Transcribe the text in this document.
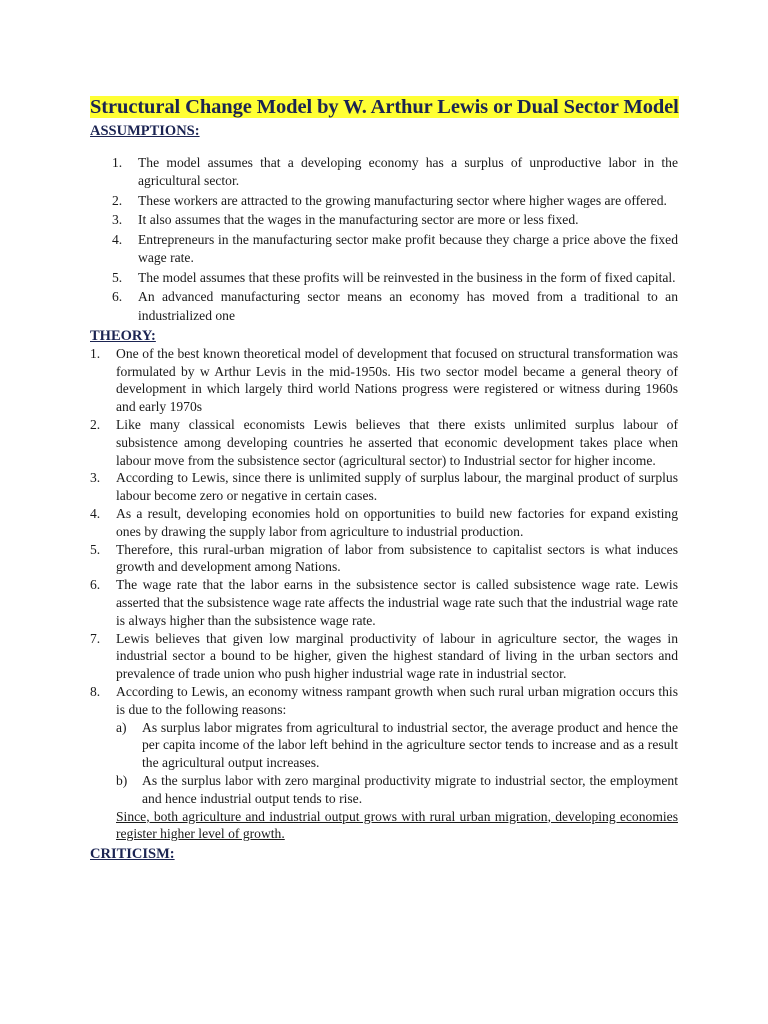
Structural Change Model by W. Arthur Lewis or Dual Sector Model
ASSUMPTIONS:
1. The model assumes that a developing economy has a surplus of unproductive labor in the agricultural sector.
2. These workers are attracted to the growing manufacturing sector where higher wages are offered.
3. It also assumes that the wages in the manufacturing sector are more or less fixed.
4. Entrepreneurs in the manufacturing sector make profit because they charge a price above the fixed wage rate.
5. The model assumes that these profits will be reinvested in the business in the form of fixed capital.
6. An advanced manufacturing sector means an economy has moved from a traditional to an industrialized one
THEORY:
1. One of the best known theoretical model of development that focused on structural transformation was formulated by w Arthur Levis in the mid-1950s. His two sector model became a general theory of development in which largely third world Nations progress were registered or witness during 1960s and early 1970s
2. Like many classical economists Lewis believes that there exists unlimited surplus labour of subsistence among developing countries he asserted that economic development takes place when labour move from the subsistence sector (agricultural sector) to Industrial sector for higher income.
3. According to Lewis, since there is unlimited supply of surplus labour, the marginal product of surplus labour become zero or negative in certain cases.
4. As a result, developing economies hold on opportunities to build new factories for expand existing ones by drawing the supply labor from agriculture to industrial production.
5. Therefore, this rural-urban migration of labor from subsistence to capitalist sectors is what induces growth and development among Nations.
6. The wage rate that the labor earns in the subsistence sector is called subsistence wage rate. Lewis asserted that the subsistence wage rate affects the industrial wage rate such that the industrial wage rate is always higher than the subsistence wage rate.
7. Lewis believes that given low marginal productivity of labour in agriculture sector, the wages in industrial sector a bound to be higher, given the highest standard of living in the urban sectors and prevalence of trade union who push higher industrial wage rate in industrial sector.
8. According to Lewis, an economy witness rampant growth when such rural urban migration occurs this is due to the following reasons:
a) As surplus labor migrates from agricultural to industrial sector, the average product and hence the per capita income of the labor left behind in the agriculture sector tends to increase and as a result the agricultural output increases.
b) As the surplus labor with zero marginal productivity migrate to industrial sector, the employment and hence industrial output tends to rise.
Since, both agriculture and industrial output grows with rural urban migration, developing economies register higher level of growth.
CRITICISM:
